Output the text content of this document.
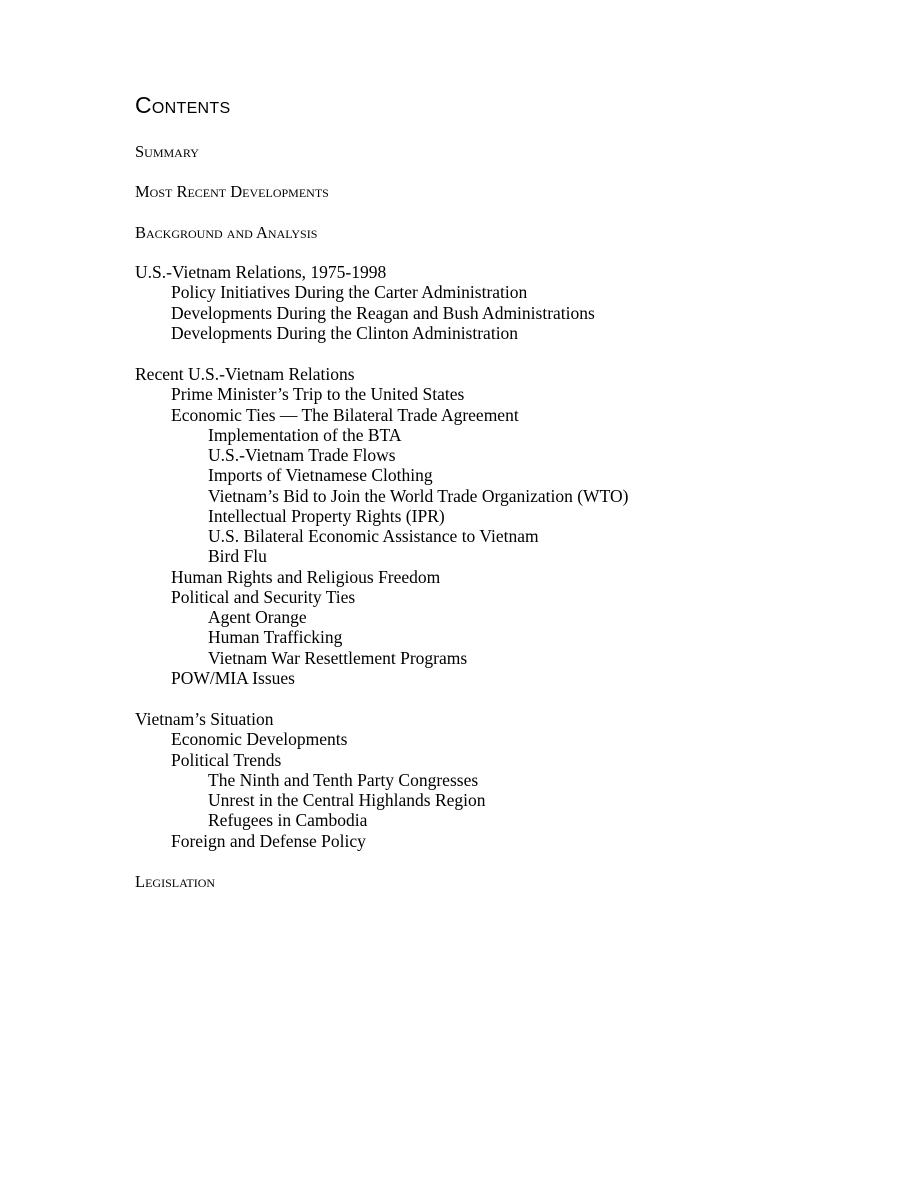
Contents

Summary

Most Recent Developments

Background and Analysis

U.S.-Vietnam Relations, 1975-1998
Policy Initiatives During the Carter Administration
Developments During the Reagan and Bush Administrations
Developments During the Clinton Administration
Recent U.S.-Vietnam Relations
Prime Minister’s Trip to the United States
Economic Ties — The Bilateral Trade Agreement
Implementation of the BTA
U.S.-Vietnam Trade Flows
Imports of Vietnamese Clothing
Vietnam’s Bid to Join the World Trade Organization (WTO)
Intellectual Property Rights (IPR)
U.S. Bilateral Economic Assistance to Vietnam
Bird Flu
Human Rights and Religious Freedom
Political and Security Ties
Agent Orange
Human Trafficking
Vietnam War Resettlement Programs
POW/MIA Issues
Vietnam’s Situation
Economic Developments
Political Trends
The Ninth and Tenth Party Congresses
Unrest in the Central Highlands Region
Refugees in Cambodia
Foreign and Defense Policy

Legislation
